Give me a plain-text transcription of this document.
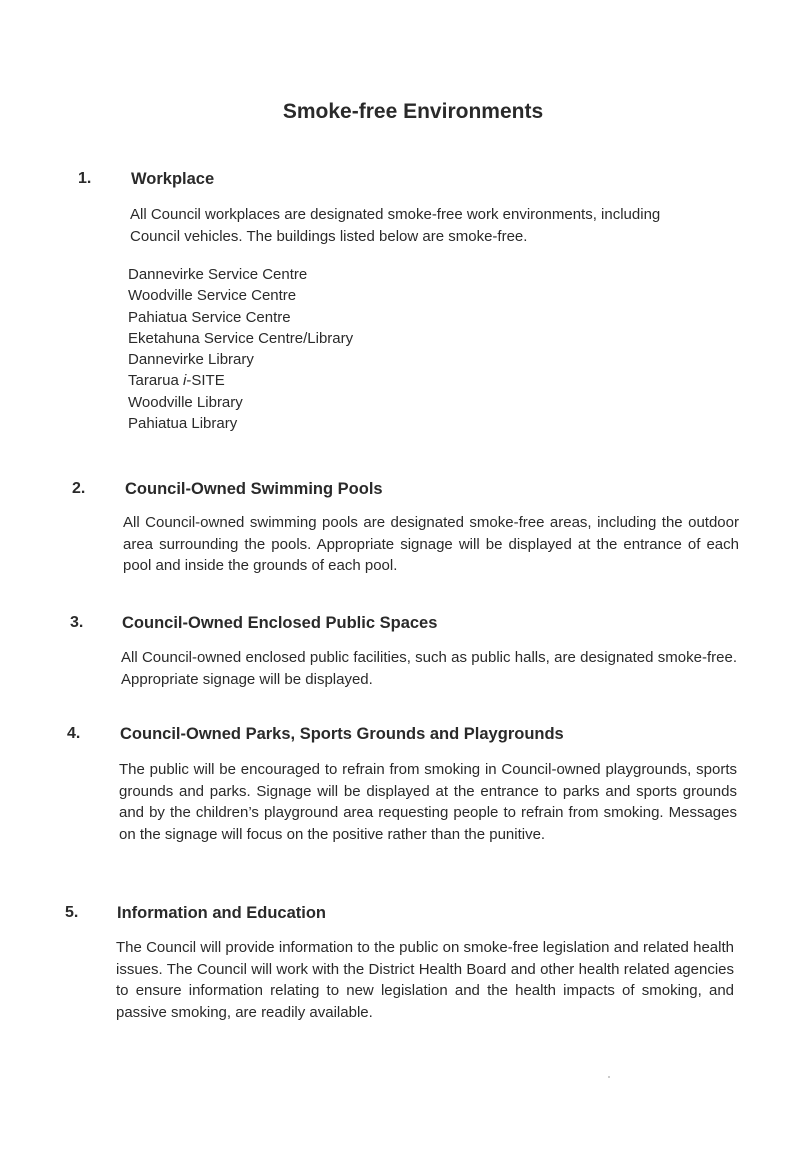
Smoke-free Environments
1. Workplace
All Council workplaces are designated smoke-free work environments, including Council vehicles. The buildings listed below are smoke-free.
Dannevirke Service Centre
Woodville Service Centre
Pahiatua Service Centre
Eketahuna Service Centre/Library
Dannevirke Library
Tararua i-SITE
Woodville Library
Pahiatua Library
2. Council-Owned Swimming Pools
All Council-owned swimming pools are designated smoke-free areas, including the outdoor area surrounding the pools. Appropriate signage will be displayed at the entrance of each pool and inside the grounds of each pool.
3. Council-Owned Enclosed Public Spaces
All Council-owned enclosed public facilities, such as public halls, are designated smoke-free. Appropriate signage will be displayed.
4. Council-Owned Parks, Sports Grounds and Playgrounds
The public will be encouraged to refrain from smoking in Council-owned playgrounds, sports grounds and parks. Signage will be displayed at the entrance to parks and sports grounds and by the children’s playground area requesting people to refrain from smoking. Messages on the signage will focus on the positive rather than the punitive.
5. Information and Education
The Council will provide information to the public on smoke-free legislation and related health issues. The Council will work with the District Health Board and other health related agencies to ensure information relating to new legislation and the health impacts of smoking, and passive smoking, are readily available.
